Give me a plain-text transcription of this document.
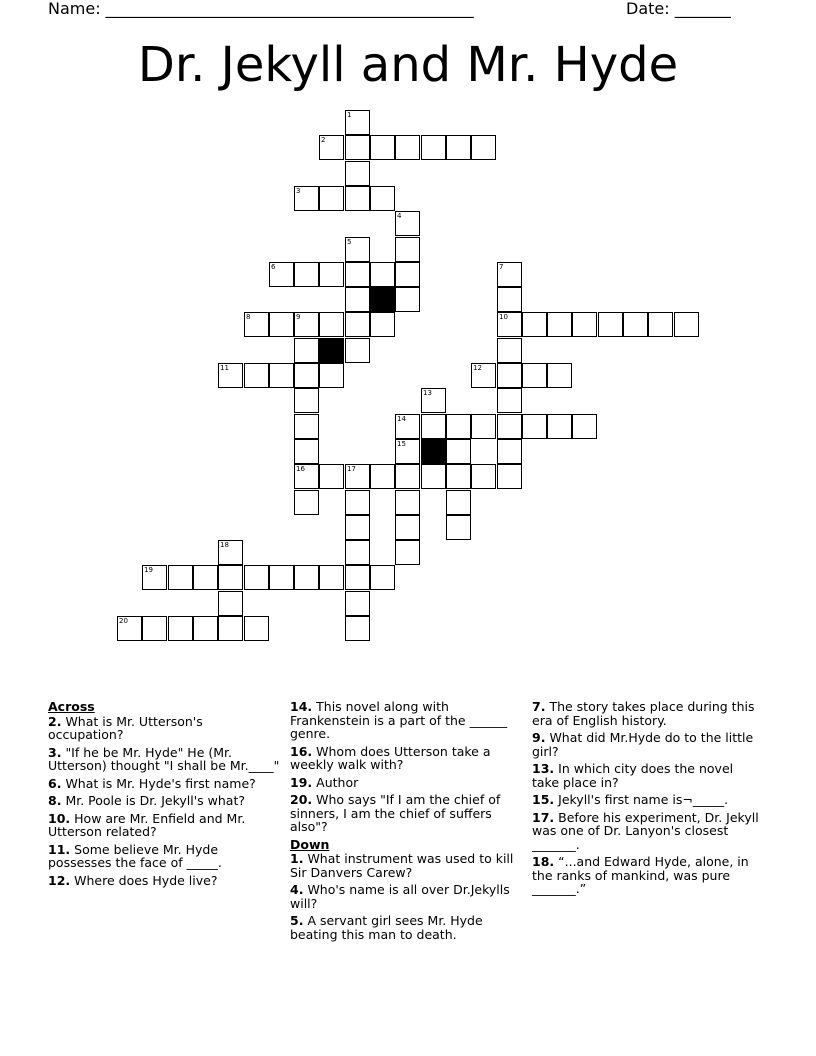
Name: ______________________________________________	Date: _______
Dr. Jekyll and Mr. Hyde
1
2
3
4
5
6	7
8	9	10
11	12
13
14
15
16	17
18
19
20
Across
2. What is Mr. Utterson's occupation?
3. "If he be Mr. Hyde" He (Mr. Utterson) thought "I shall be Mr.____"
6. What is Mr. Hyde's first name?
8. Mr. Poole is Dr. Jekyll's what?
10. How are Mr. Enfield and Mr. Utterson related?
11. Some believe Mr. Hyde possesses the face of _____.
12. Where does Hyde live?
14. This novel along with Frankenstein is a part of the ______ genre.
16. Whom does Utterson take a weekly walk with?
19. Author
20. Who says "If I am the chief of sinners, I am the chief of suffers also"?
Down
1. What instrument was used to kill Sir Danvers Carew?
4. Who's name is all over Dr.Jekylls will?
5. A servant girl sees Mr. Hyde beating this man to death.
7. The story takes place during this era of English history.
9. What did Mr.Hyde do to the little girl?
13. In which city does the novel take place in?
15. Jekyll's first name is¬_____.
17. Before his experiment, Dr. Jekyll was one of Dr. Lanyon's closest _______.
18. “...and Edward Hyde, alone, in the ranks of mankind, was pure _______.”
